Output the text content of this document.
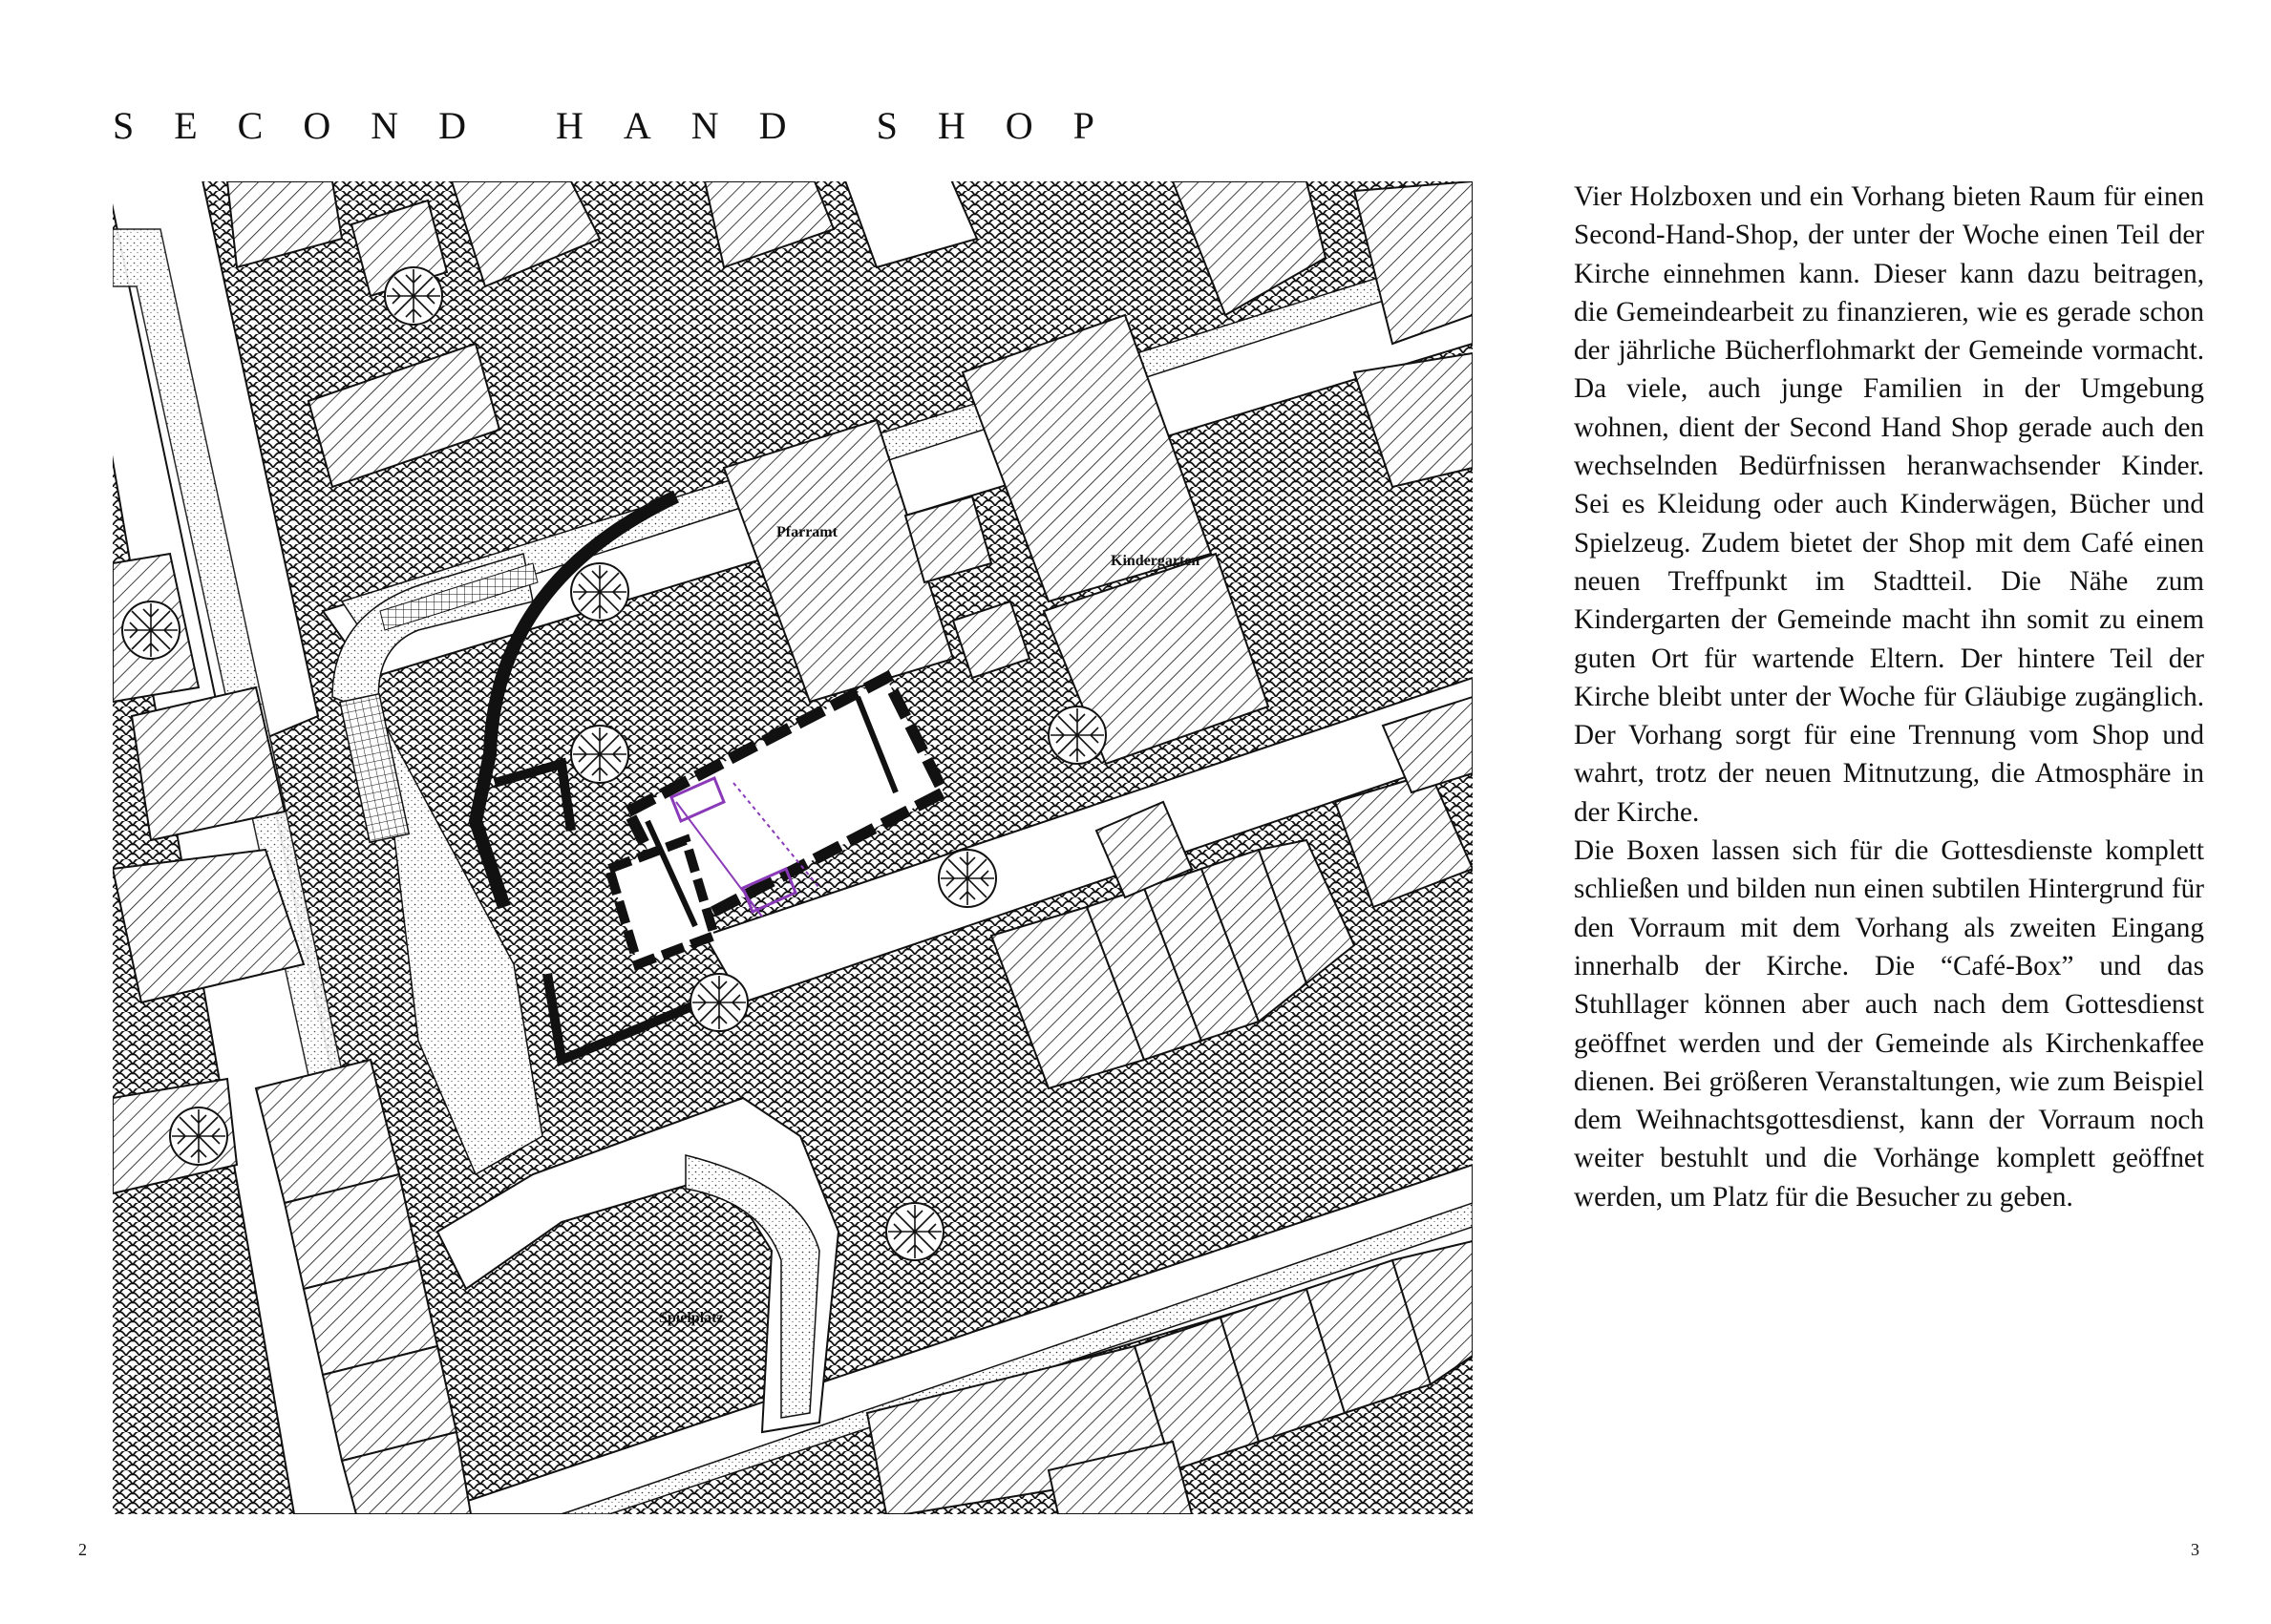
SECOND HAND SHOP
Pfarramt
Kindergarten
Spielplatz

Vier Holzboxen und ein Vorhang bieten Raum für einen Second-Hand-Shop, der unter der Woche einen Teil der Kirche einnehmen kann. Dieser kann dazu beitragen, die Gemeindearbeit zu finanzieren, wie es gerade schon der jährliche Bücherflohmarkt der Gemeinde vormacht. Da viele, auch junge Familien in der Umgebung wohnen, dient der Second Hand Shop gerade auch den wechselnden Bedürfnissen heranwachsender Kinder. Sei es Kleidung oder auch Kinderwägen, Bücher und Spielzeug. Zudem bietet der Shop mit dem Café einen neuen Treffpunkt im Stadtteil. Die Nähe zum Kindergarten der Gemeinde macht ihn somit zu einem guten Ort für wartende Eltern. Der hintere Teil der Kirche bleibt unter der Woche für Gläubige zugänglich. Der Vorhang sorgt für eine Trennung vom Shop und wahrt, trotz der neuen Mitnutzung, die Atmosphäre in der Kirche.

Die Boxen lassen sich für die Gottesdienste komplett schließen und bilden nun einen subtilen Hintergrund für den Vorraum mit dem Vorhang als zweiten Eingang innerhalb der Kirche. Die “Café-Box” und das Stuhllager können aber auch nach dem Gottesdienst geöffnet werden und der Gemeinde als Kirchenkaffee dienen. Bei größeren Veranstaltungen, wie zum Beispiel dem Weihnachtsgottesdienst, kann der Vorraum noch weiter bestuhlt und die Vorhänge komplett geöffnet werden, um Platz für die Besucher zu geben.

2	3
